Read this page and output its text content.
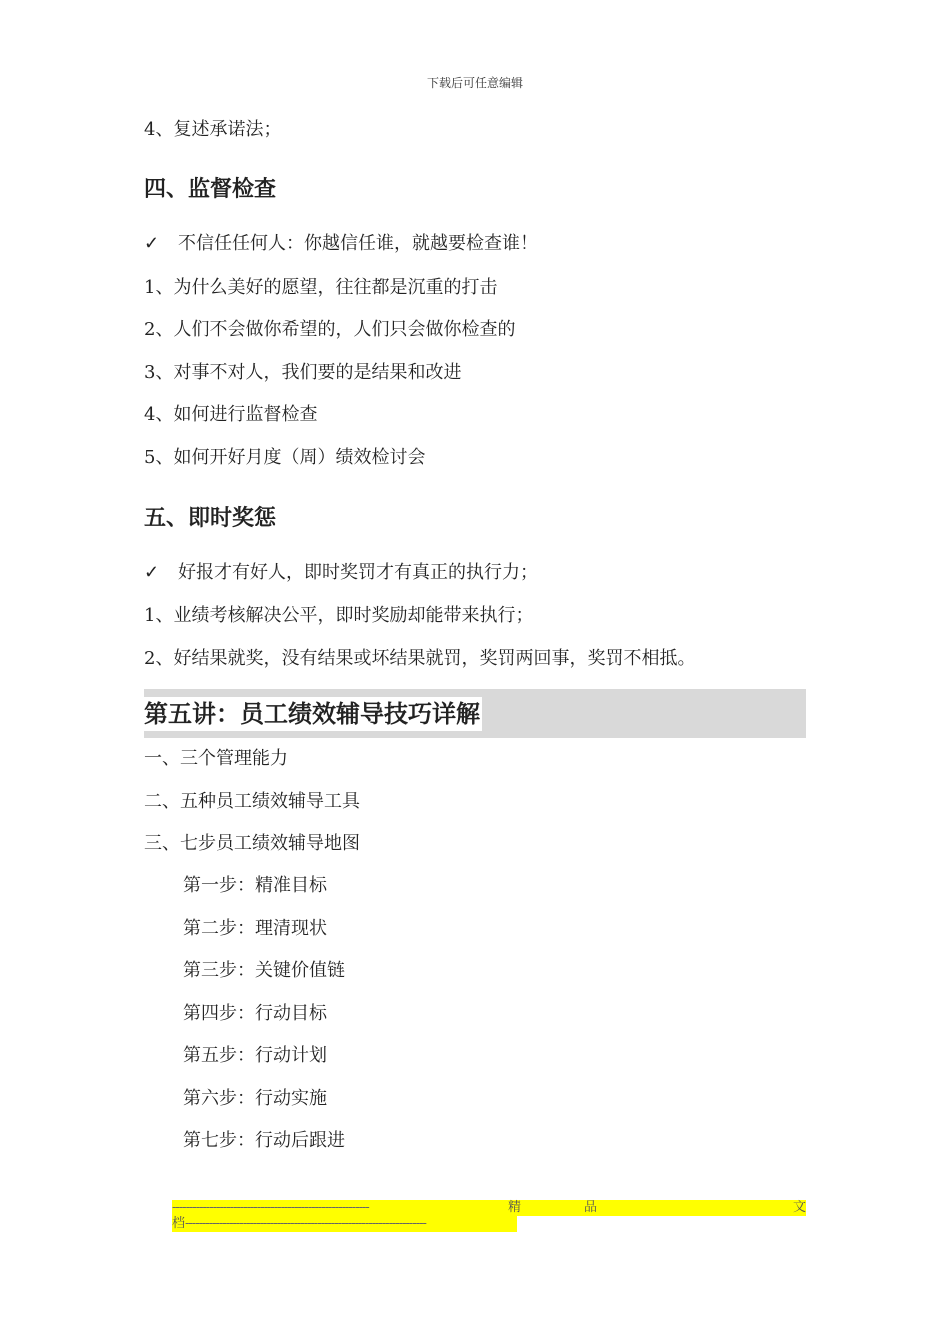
下载后可任意编辑
4、复述承诺法；
四、监督检查
✓ 不信任任何人：你越信任谁，就越要检查谁！
1、为什么美好的愿望，往往都是沉重的打击
2、人们不会做你希望的，人们只会做你检查的
3、对事不对人，我们要的是结果和改进
4、如何进行监督检查
5、如何开好月度（周）绩效检讨会
五、即时奖惩
✓ 好报才有好人，即时奖罚才有真正的执行力；
1、业绩考核解决公平，即时奖励却能带来执行；
2、好结果就奖，没有结果或坏结果就罚，奖罚两回事，奖罚不相抵。
第五讲：员工绩效辅导技巧详解
一、三个管理能力
二、五种员工绩效辅导工具
三、七步员工绩效辅导地图
第一步：精准目标
第二步：理清现状
第三步：关键价值链
第四步：行动目标
第五步：行动计划
第六步：行动实施
第七步：行动后跟进
----------------------------------------------------------	精	品	文
档-----------------------------------------------------------------------
